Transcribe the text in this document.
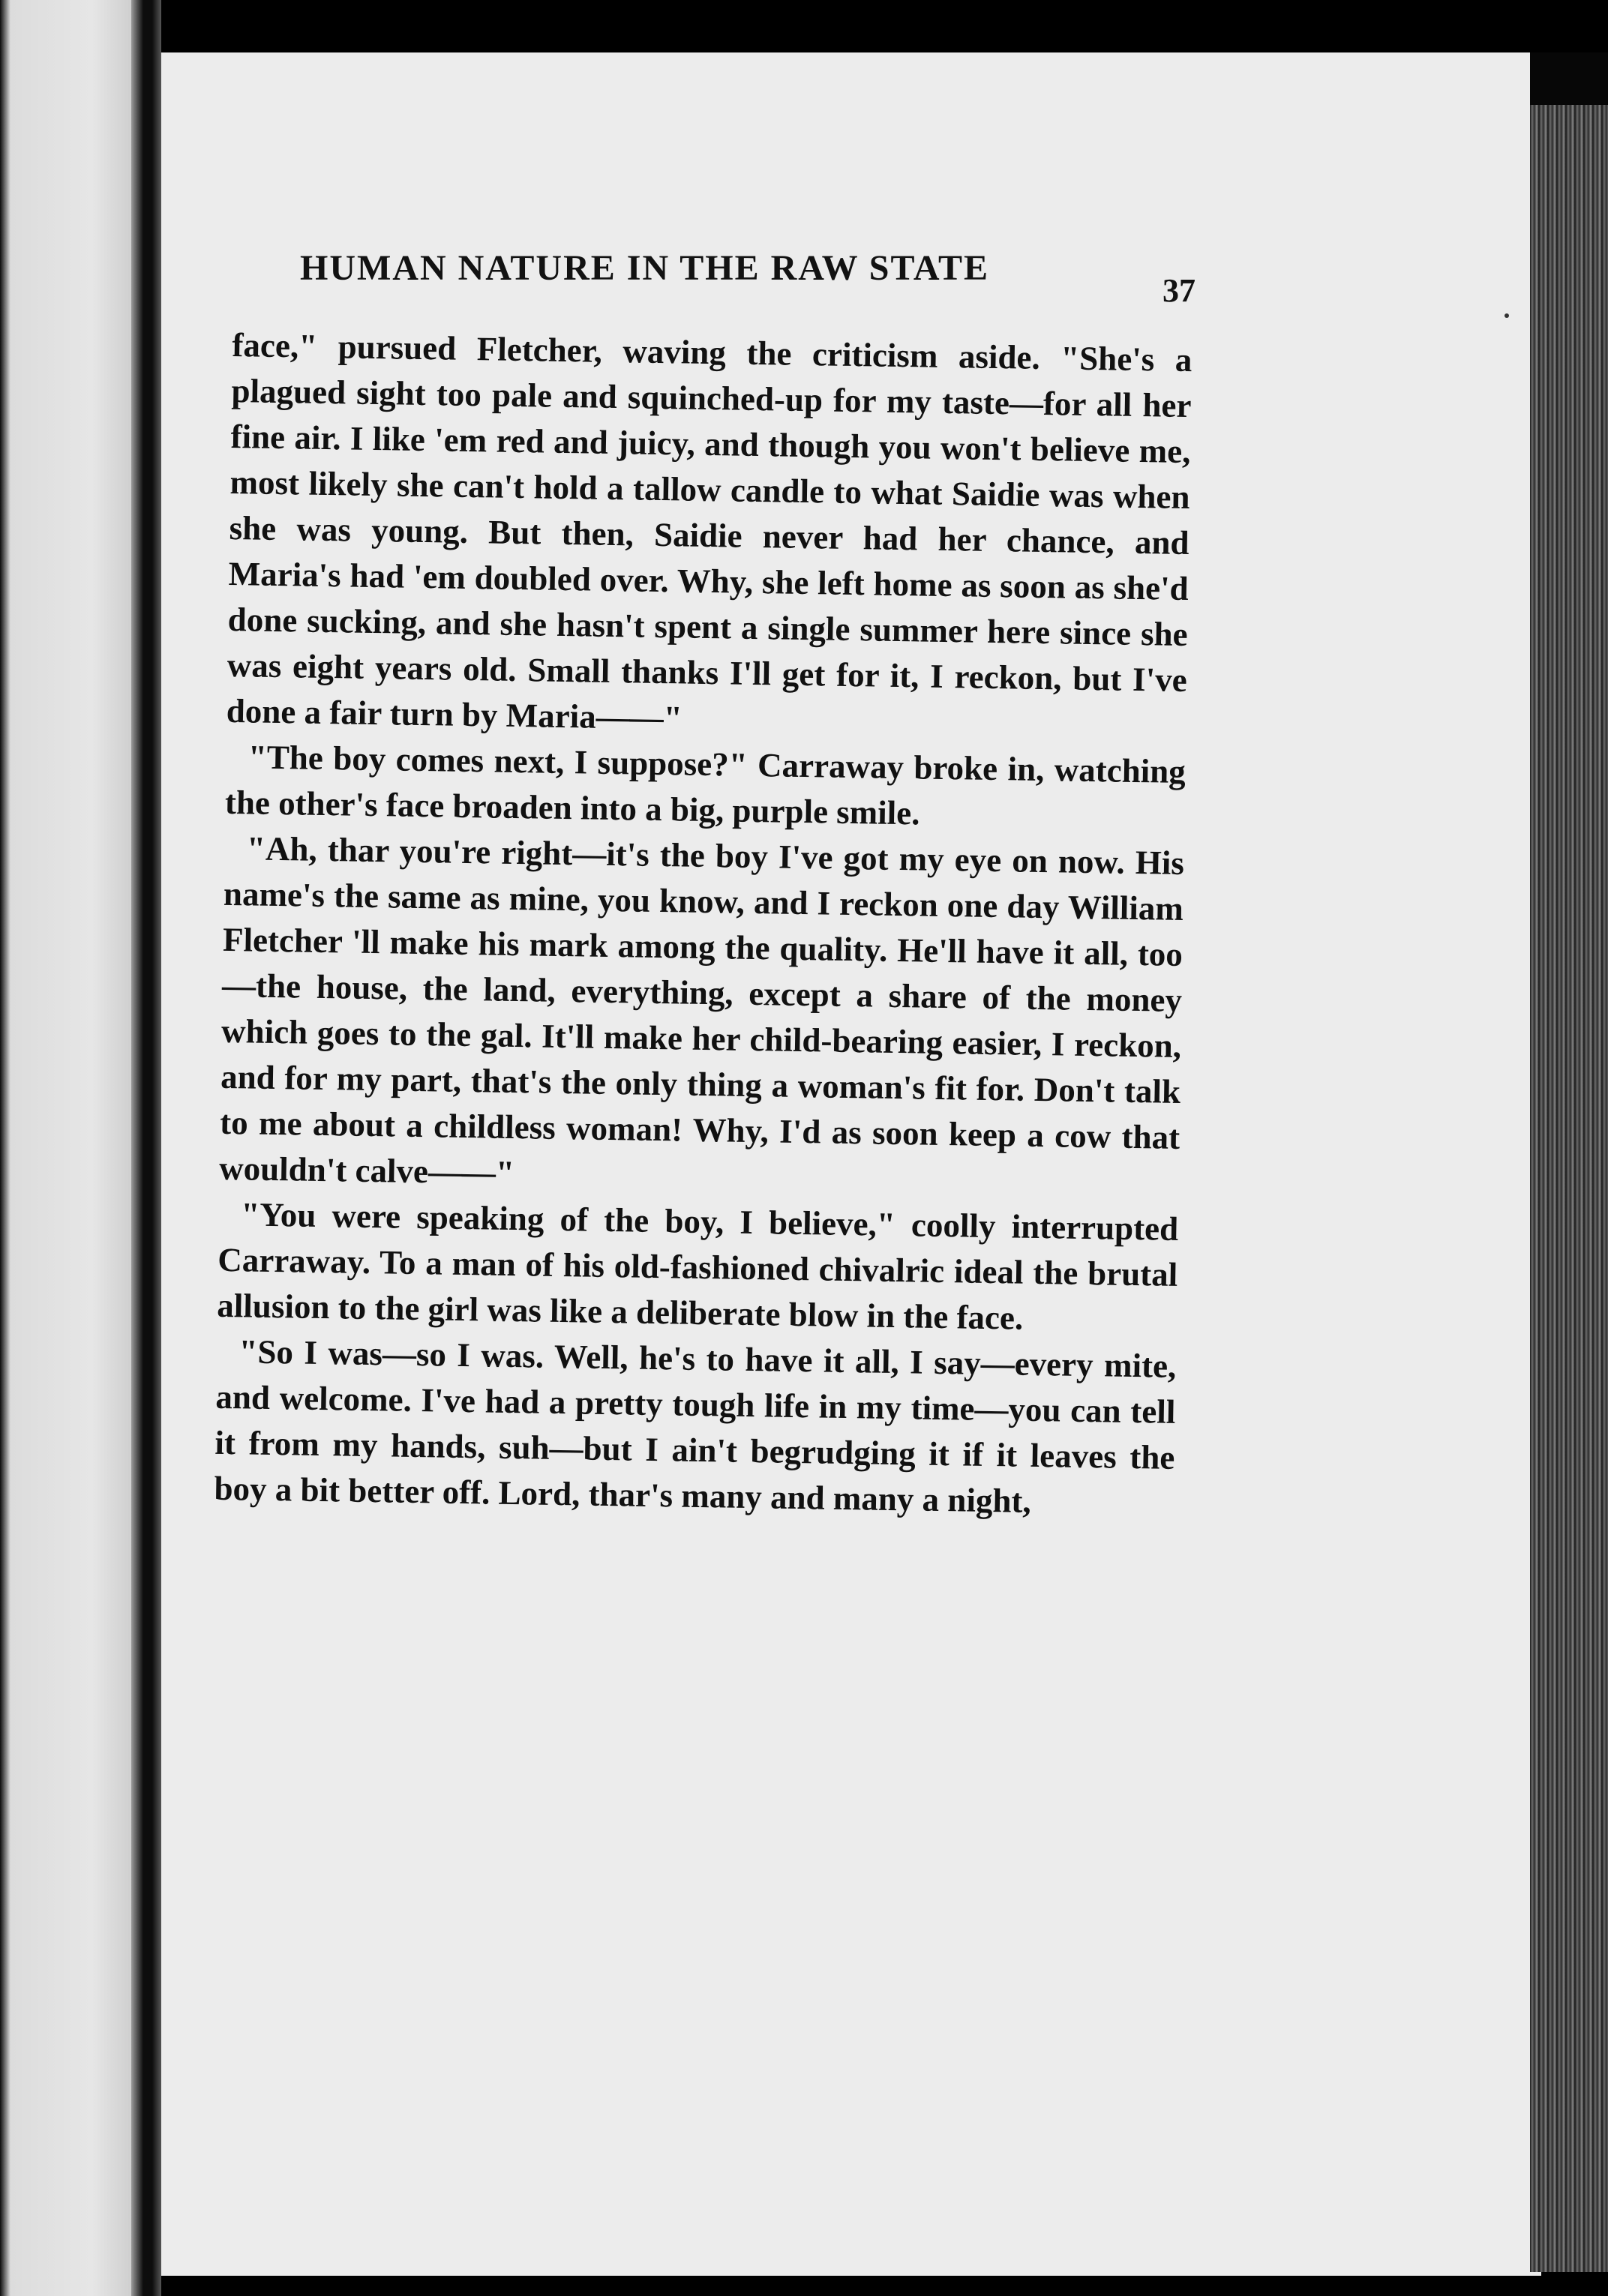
HUMAN NATURE IN THE RAW STATE
37

face," pursued Fletcher, waving the criticism aside. "She's a plagued sight too pale and squinched-up for my taste—for all her fine air. I like 'em red and juicy, and though you won't believe me, most likely she can't hold a tallow candle to what Saidie was when she was young. But then, Saidie never had her chance, and Maria's had 'em doubled over. Why, she left home as soon as she'd done sucking, and she hasn't spent a single summer here since she was eight years old. Small thanks I'll get for it, I reckon, but I've done a fair turn by Maria——"

"The boy comes next, I suppose?" Carraway broke in, watching the other's face broaden into a big, purple smile.

"Ah, thar you're right—it's the boy I've got my eye on now. His name's the same as mine, you know, and I reckon one day William Fletcher 'll make his mark among the quality. He'll have it all, too—the house, the land, everything, except a share of the money which goes to the gal. It'll make her child-bearing easier, I reckon, and for my part, that's the only thing a woman's fit for. Don't talk to me about a childless woman! Why, I'd as soon keep a cow that wouldn't calve——"

"You were speaking of the boy, I believe," coolly interrupted Carraway. To a man of his old-fashioned chivalric ideal the brutal allusion to the girl was like a deliberate blow in the face.

"So I was—so I was. Well, he's to have it all, I say—every mite, and welcome. I've had a pretty tough life in my time—you can tell it from my hands, suh—but I ain't begrudging it if it leaves the boy a bit better off. Lord, thar's many and many a night,
